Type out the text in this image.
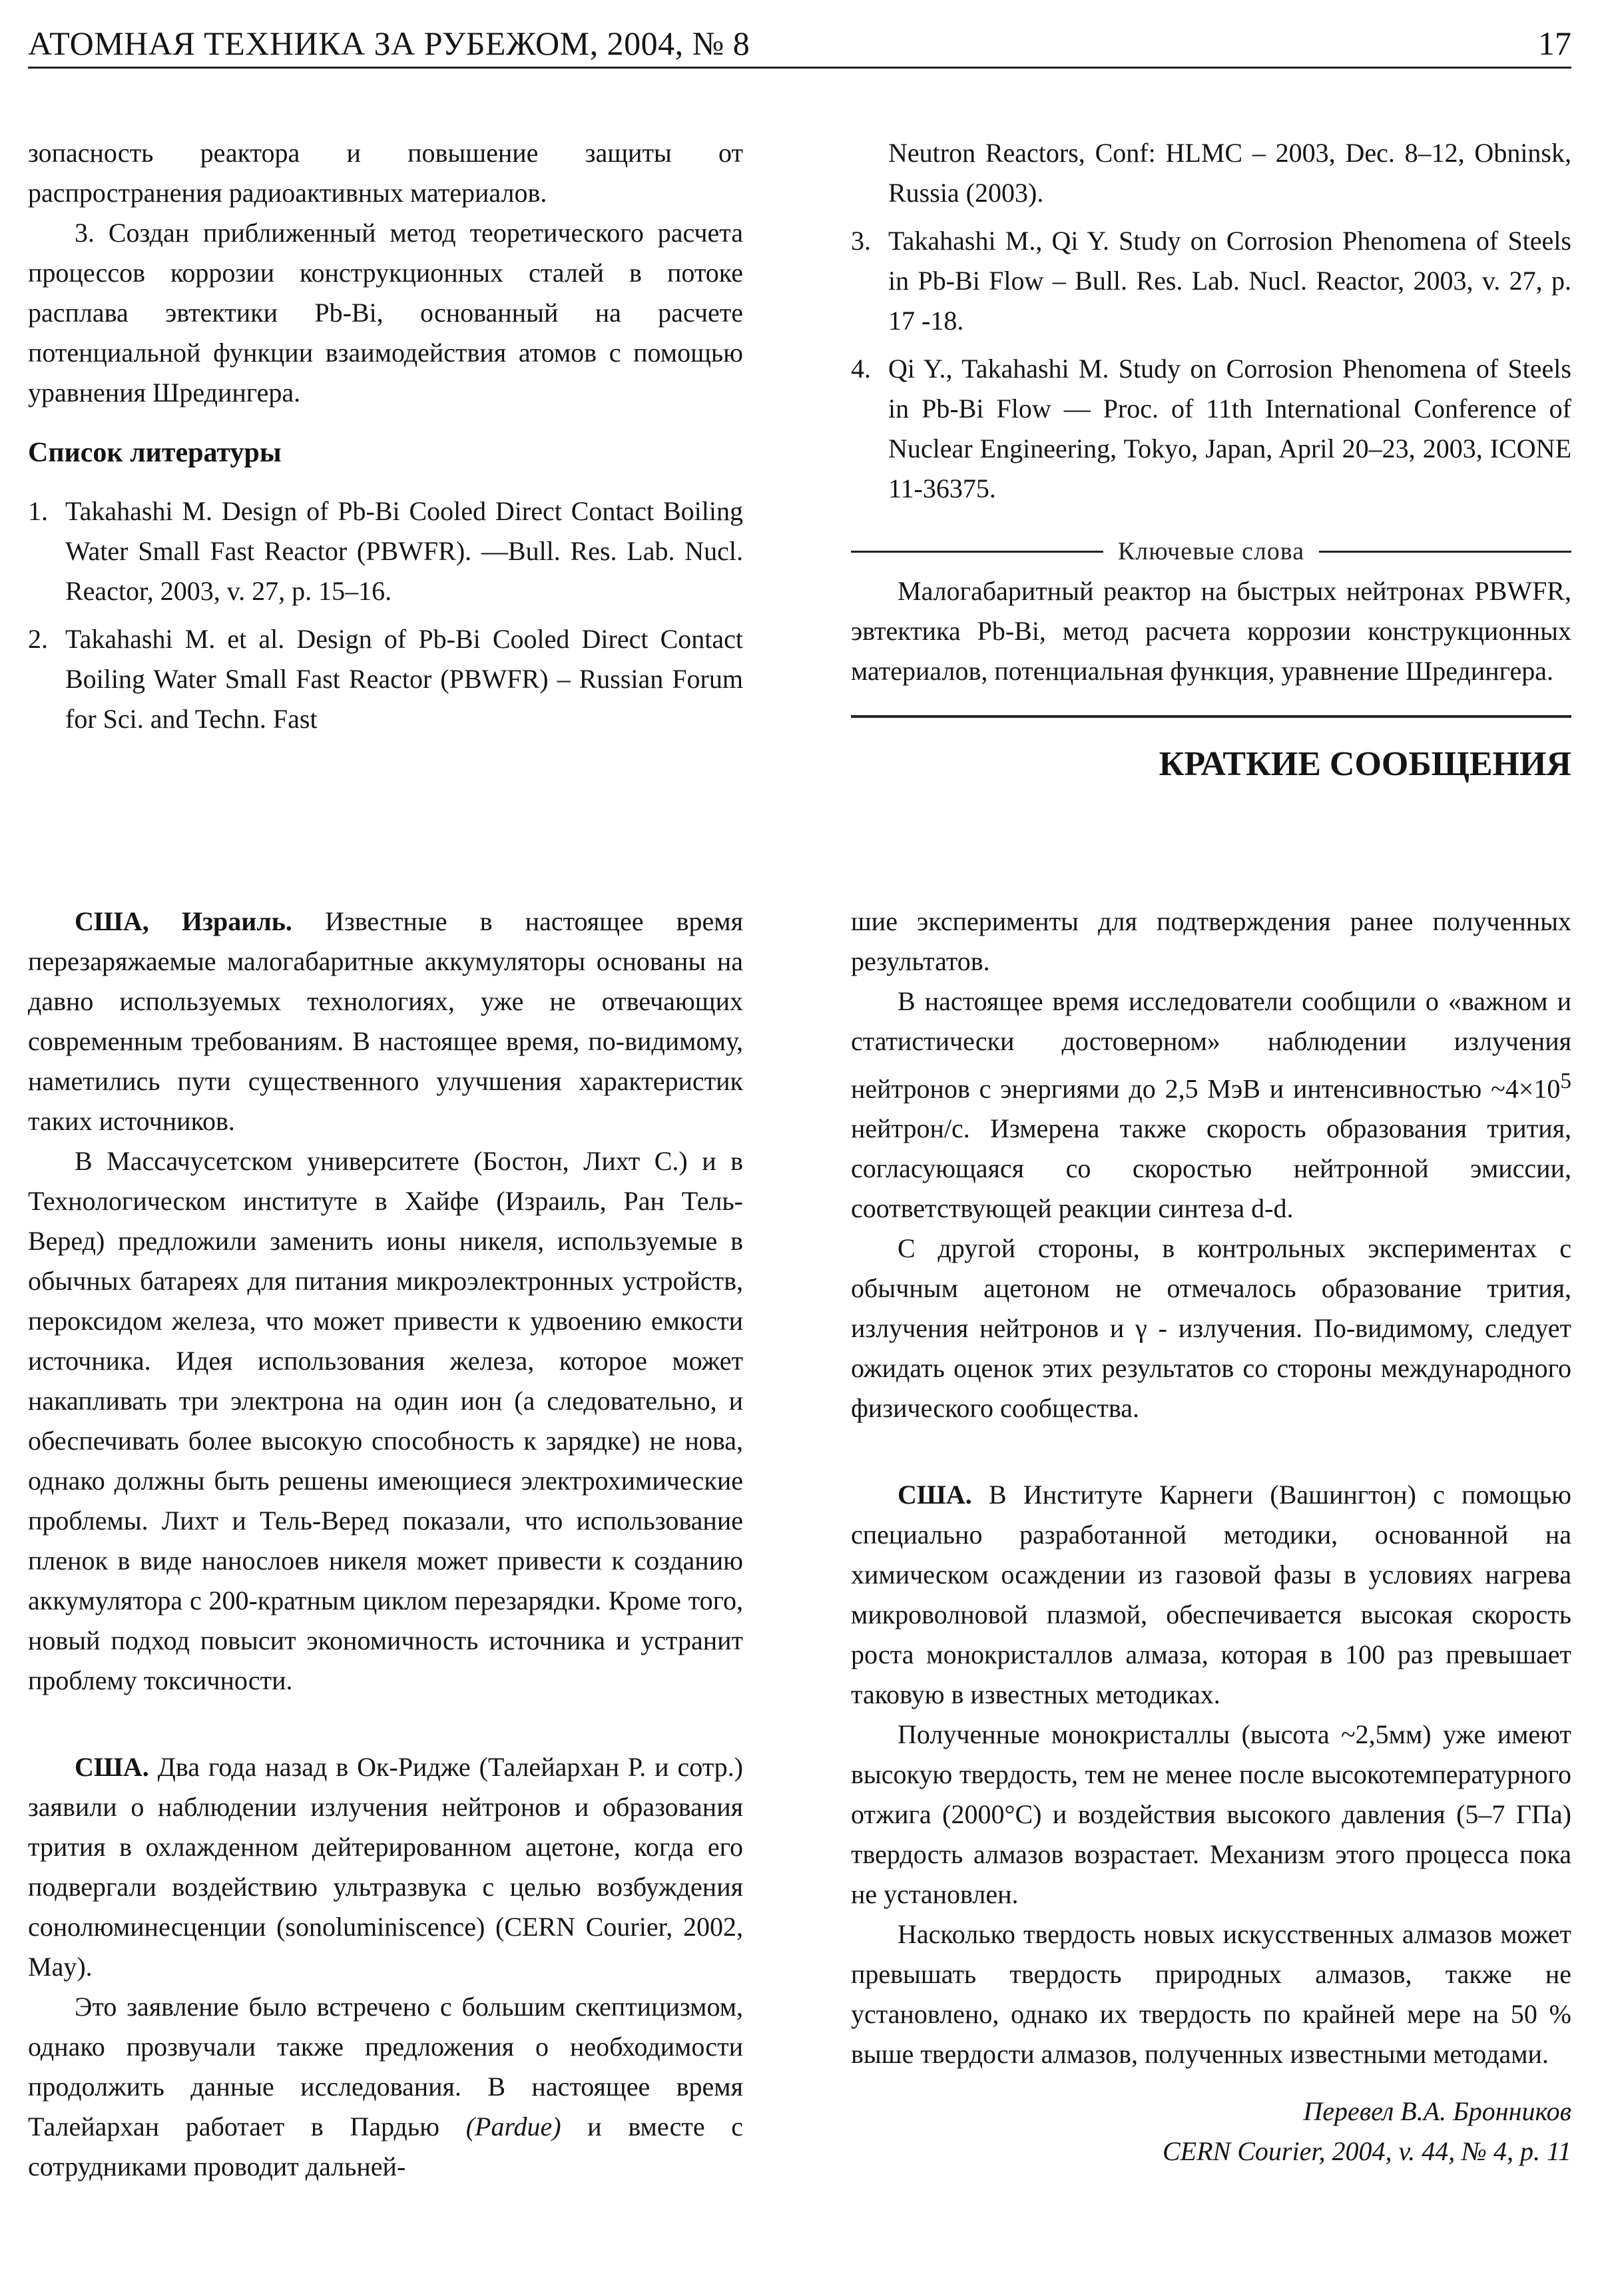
АТОМНАЯ ТЕХНИКА ЗА РУБЕЖОМ, 2004, № 8	17

зопасность реактора и повышение защиты от распространения радиоактивных материалов.

3. Создан приближенный метод теоретического расчета процессов коррозии конструкционных сталей в потоке расплава эвтектики Pb-Bi, основанный на расчете потенциальной функции взаимодействия атомов с помощью уравнения Шредингера.

Список литературы
1. Takahashi M. Design of Pb-Bi Cooled Direct Contact Boiling Water Small Fast Reactor (PBWFR). —Bull. Res. Lab. Nucl. Reactor, 2003, v. 27, p. 15–16.
2. Takahashi M. et al. Design of Pb-Bi Cooled Direct Contact Boiling Water Small Fast Reactor (PBWFR) – Russian Forum for Sci. and Techn. Fast
Neutron Reactors, Conf: HLMC – 2003, Dec. 8–12, Obninsk, Russia (2003).
3. Takahashi M., Qi Y. Study on Corrosion Phenomena of Steels in Pb-Bi Flow – Bull. Res. Lab. Nucl. Reactor, 2003, v. 27, p. 17 -18.
4. Qi Y., Takahashi M. Study on Corrosion Phenomena of Steels in Pb-Bi Flow — Proc. of 11th International Conference of Nuclear Engineering, Tokyo, Japan, April 20–23, 2003, ICONE 11-36375.
Ключевые слова

Малогабаритный реактор на быстрых нейтронах PBWFR, эвтектика Pb-Bi, метод расчета коррозии конструкционных материалов, потенциальная функция, уравнение Шредингера.

КРАТКИЕ СООБЩЕНИЯ

США, Израиль. Известные в настоящее время перезаряжаемые малогабаритные аккумуляторы основаны на давно используемых технологиях, уже не отвечающих современным требованиям. В настоящее время, по-видимому, наметились пути существенного улучшения характеристик таких источников.

В Массачусетском университете (Бостон, Лихт С.) и в Технологическом институте в Хайфе (Израиль, Ран Тель-Веред) предложили заменить ионы никеля, используемые в обычных батареях для питания микроэлектронных устройств, пероксидом железа, что может привести к удвоению емкости источника. Идея использования железа, которое может накапливать три электрона на один ион (а следовательно, и обеспечивать более высокую способность к зарядке) не нова, однако должны быть решены имеющиеся электрохимические проблемы. Лихт и Тель-Веред показали, что использование пленок в виде нанослоев никеля может привести к созданию аккумулятора с 200-кратным циклом перезарядки. Кроме того, новый подход повысит экономичность источника и устранит проблему токсичности.

США. Два года назад в Ок-Ридже (Талейархан Р. и сотр.) заявили о наблюдении излучения нейтронов и образования трития в охлажденном дейтерированном ацетоне, когда его подвергали воздействию ультразвука с целью возбуждения сонолюминесценции (sonoluminiscence) (CERN Courier, 2002, May).

Это заявление было встречено с большим скептицизмом, однако прозвучали также предложения о необходимости продолжить данные исследования. В настоящее время Талейархан работает в Пардью (Pardue) и вместе с сотрудниками проводит дальней-

шие эксперименты для подтверждения ранее полученных результатов.

В настоящее время исследователи сообщили о «важном и статистически достоверном» наблюдении излучения нейтронов с энергиями до 2,5 МэВ и интенсивностью $\sim 4\times 10^5$ нейтрон/с. Измерена также скорость образования трития, согласующаяся со скоростью нейтронной эмиссии, соответствующей реакции синтеза d-d.

С другой стороны, в контрольных экспериментах с обычным ацетоном не отмечалось образование трития, излучения нейтронов и γ - излучения. По-видимому, следует ожидать оценок этих результатов со стороны международного физического сообщества.

США. В Институте Карнеги (Вашингтон) с помощью специально разработанной методики, основанной на химическом осаждении из газовой фазы в условиях нагрева микроволновой плазмой, обеспечивается высокая скорость роста монокристаллов алмаза, которая в 100 раз превышает таковую в известных методиках.

Полученные монокристаллы (высота ~2,5мм) уже имеют высокую твердость, тем не менее после высокотемпературного отжига (2000°С) и воздействия высокого давления (5–7 ГПа) твердость алмазов возрастает. Механизм этого процесса пока не установлен.

Насколько твердость новых искусственных алмазов может превышать твердость природных алмазов, также не установлено, однако их твердость по крайней мере на 50 % выше твердости алмазов, полученных известными методами.

Перевел В.А. Бронников
CERN Courier, 2004, v. 44, № 4, p. 11
